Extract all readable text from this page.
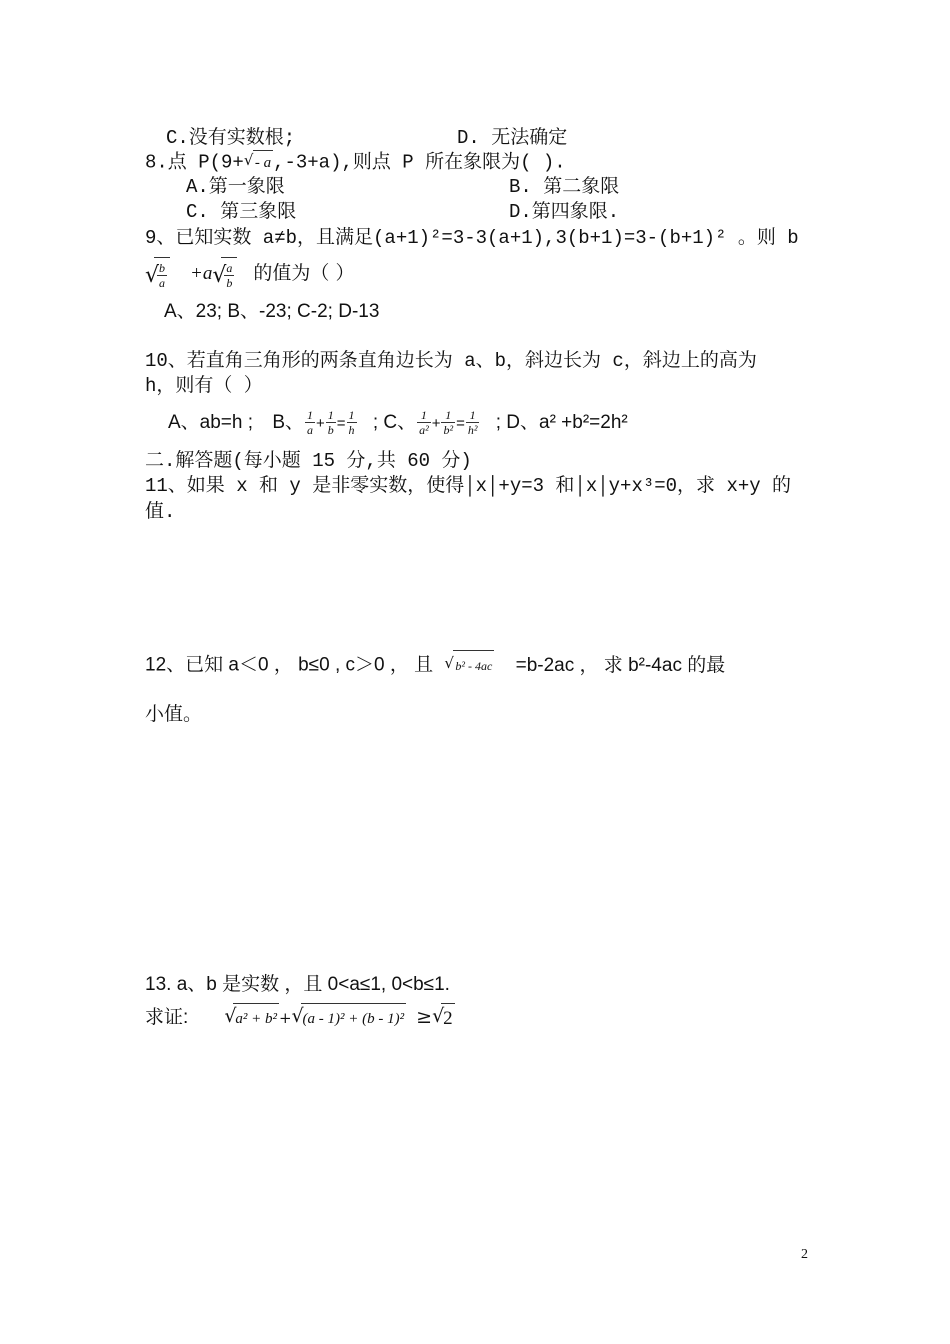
C.没有实数根;	D. 无法确定
8.点 P(9+ √ - a ,-3+a),则点 P 所在象限为( ).
A.第一象限	B. 第二象限
C. 第三象限	D.第四象限.
9、已知实数 a≠b，且满足(a+1)²=3-3(a+1),3(b+1)=3-(b+1)² 。则 b
√
$\frac{b}{a} +a$ √
$\frac{a}{b}$ 的值为（ ）
A、23; B、-23; C-2; D-13
10、若直角三角形的两条直角边长为 a、b，斜边长为 c，斜边上的高为
h，则有（ ）
A、ab=h ; B、 $\frac{1}{a} + \frac{1}{b} = \frac{1}{h}$ ; C、 $\frac{1}{\text{a²}} + \frac{1}{\text{b²}} = \frac{1}{\text{h²}}$ ; D、a² +b²=2h²
二.解答题(每小题 15 分,共 60 分)
11、如果 x 和 y 是非零实数，使得│x│+y=3 和│x│y+x³=0，求 x+y 的
值.
12、已知 a＜0 ， b≤0 , c＞0 ， 且 √ b² - 4ac =b-2ac ， 求 b²-4ac 的最
小值。
13. a、b 是实数 ，且 0<a≤1, 0<b≤1.
求证: √
a² + b² + √
(a - 1)² + (b - 1)² ≥ √
2
2
